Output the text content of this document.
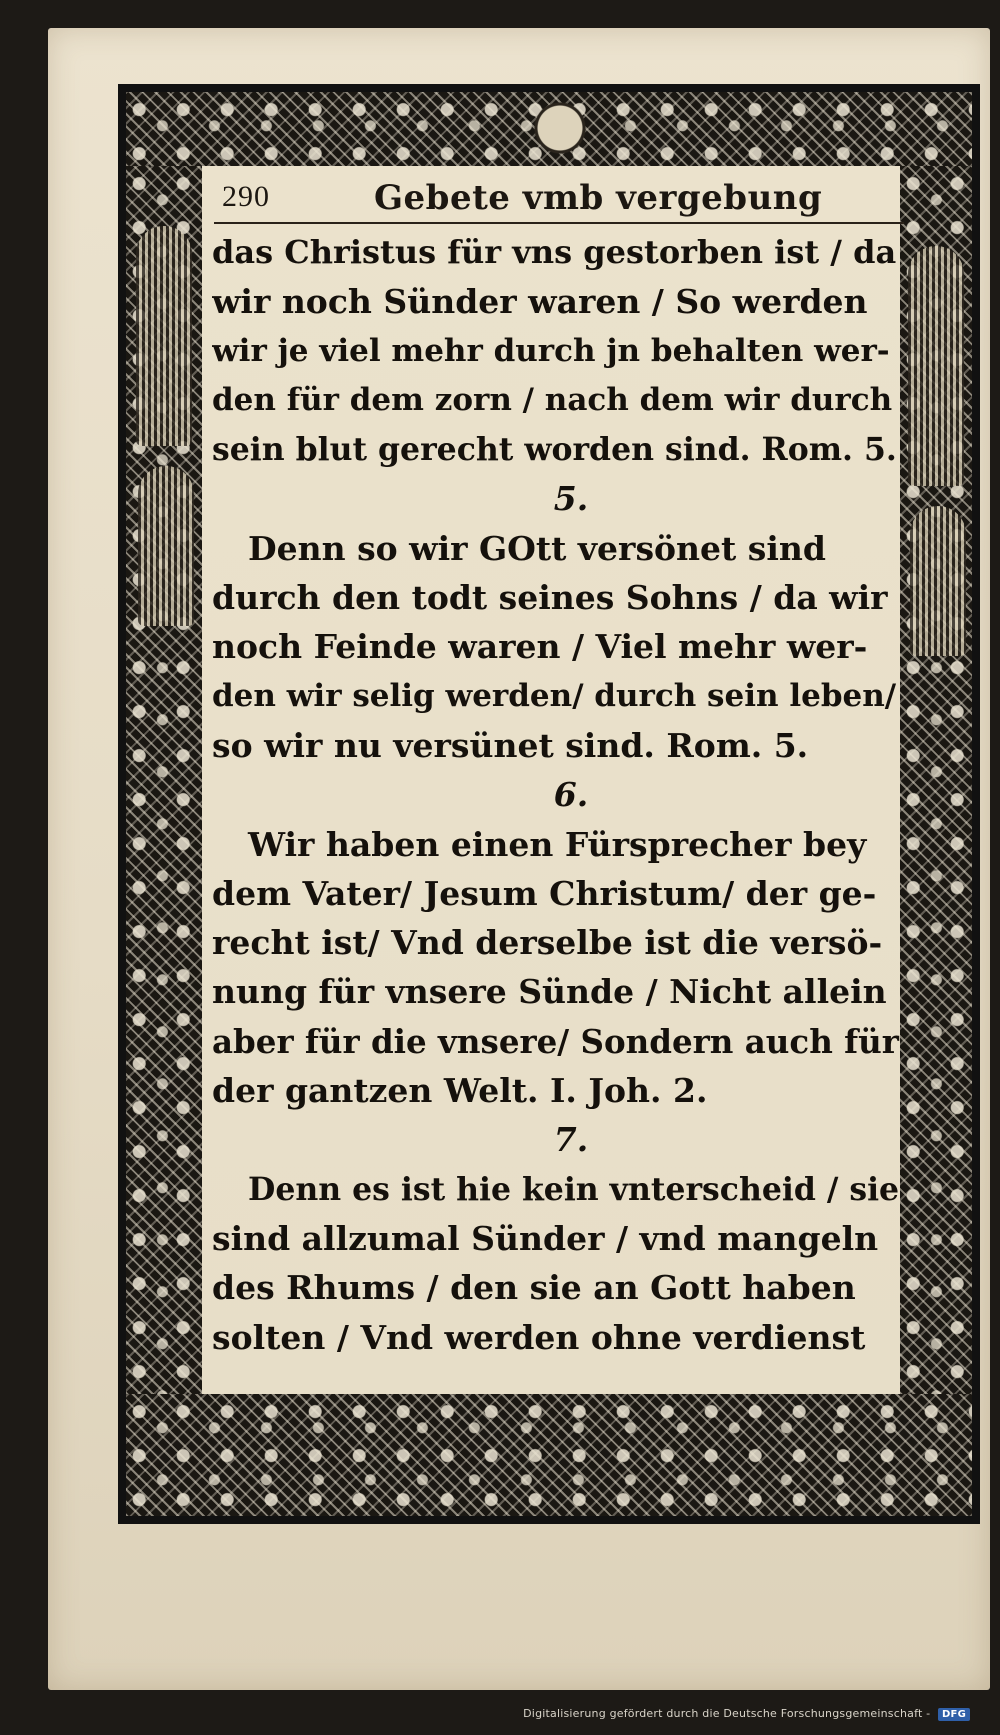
290	Gebete vmb vergebung
das Christus für vns gestorben ist / da
wir noch Sünder waren / So werden
wir je viel mehr durch jn behalten wer-
den für dem zorn / nach dem wir durch
sein blut gerecht worden sind. Rom. 5.
5.
Denn so wir GOtt versönet sind
durch den todt seines Sohns / da wir
noch Feinde waren / Viel mehr wer-
den wir selig werden/ durch sein leben/
so wir nu versünet sind. Rom. 5.
6.
Wir haben einen Fürsprecher bey
dem Vater/ Jesum Christum/ der ge-
recht ist/ Vnd derselbe ist die versö-
nung für vnsere Sünde / Nicht allein
aber für die vnsere/ Sondern auch für
der gantzen Welt. I. Joh. 2.
7.
Denn es ist hie kein vnterscheid / sie
sind allzumal Sünder / vnd mangeln
des Rhums / den sie an Gott haben
solten / Vnd werden ohne verdienst
Digitalisierung gefördert durch die Deutsche Forschungsgemeinschaft - DFG
